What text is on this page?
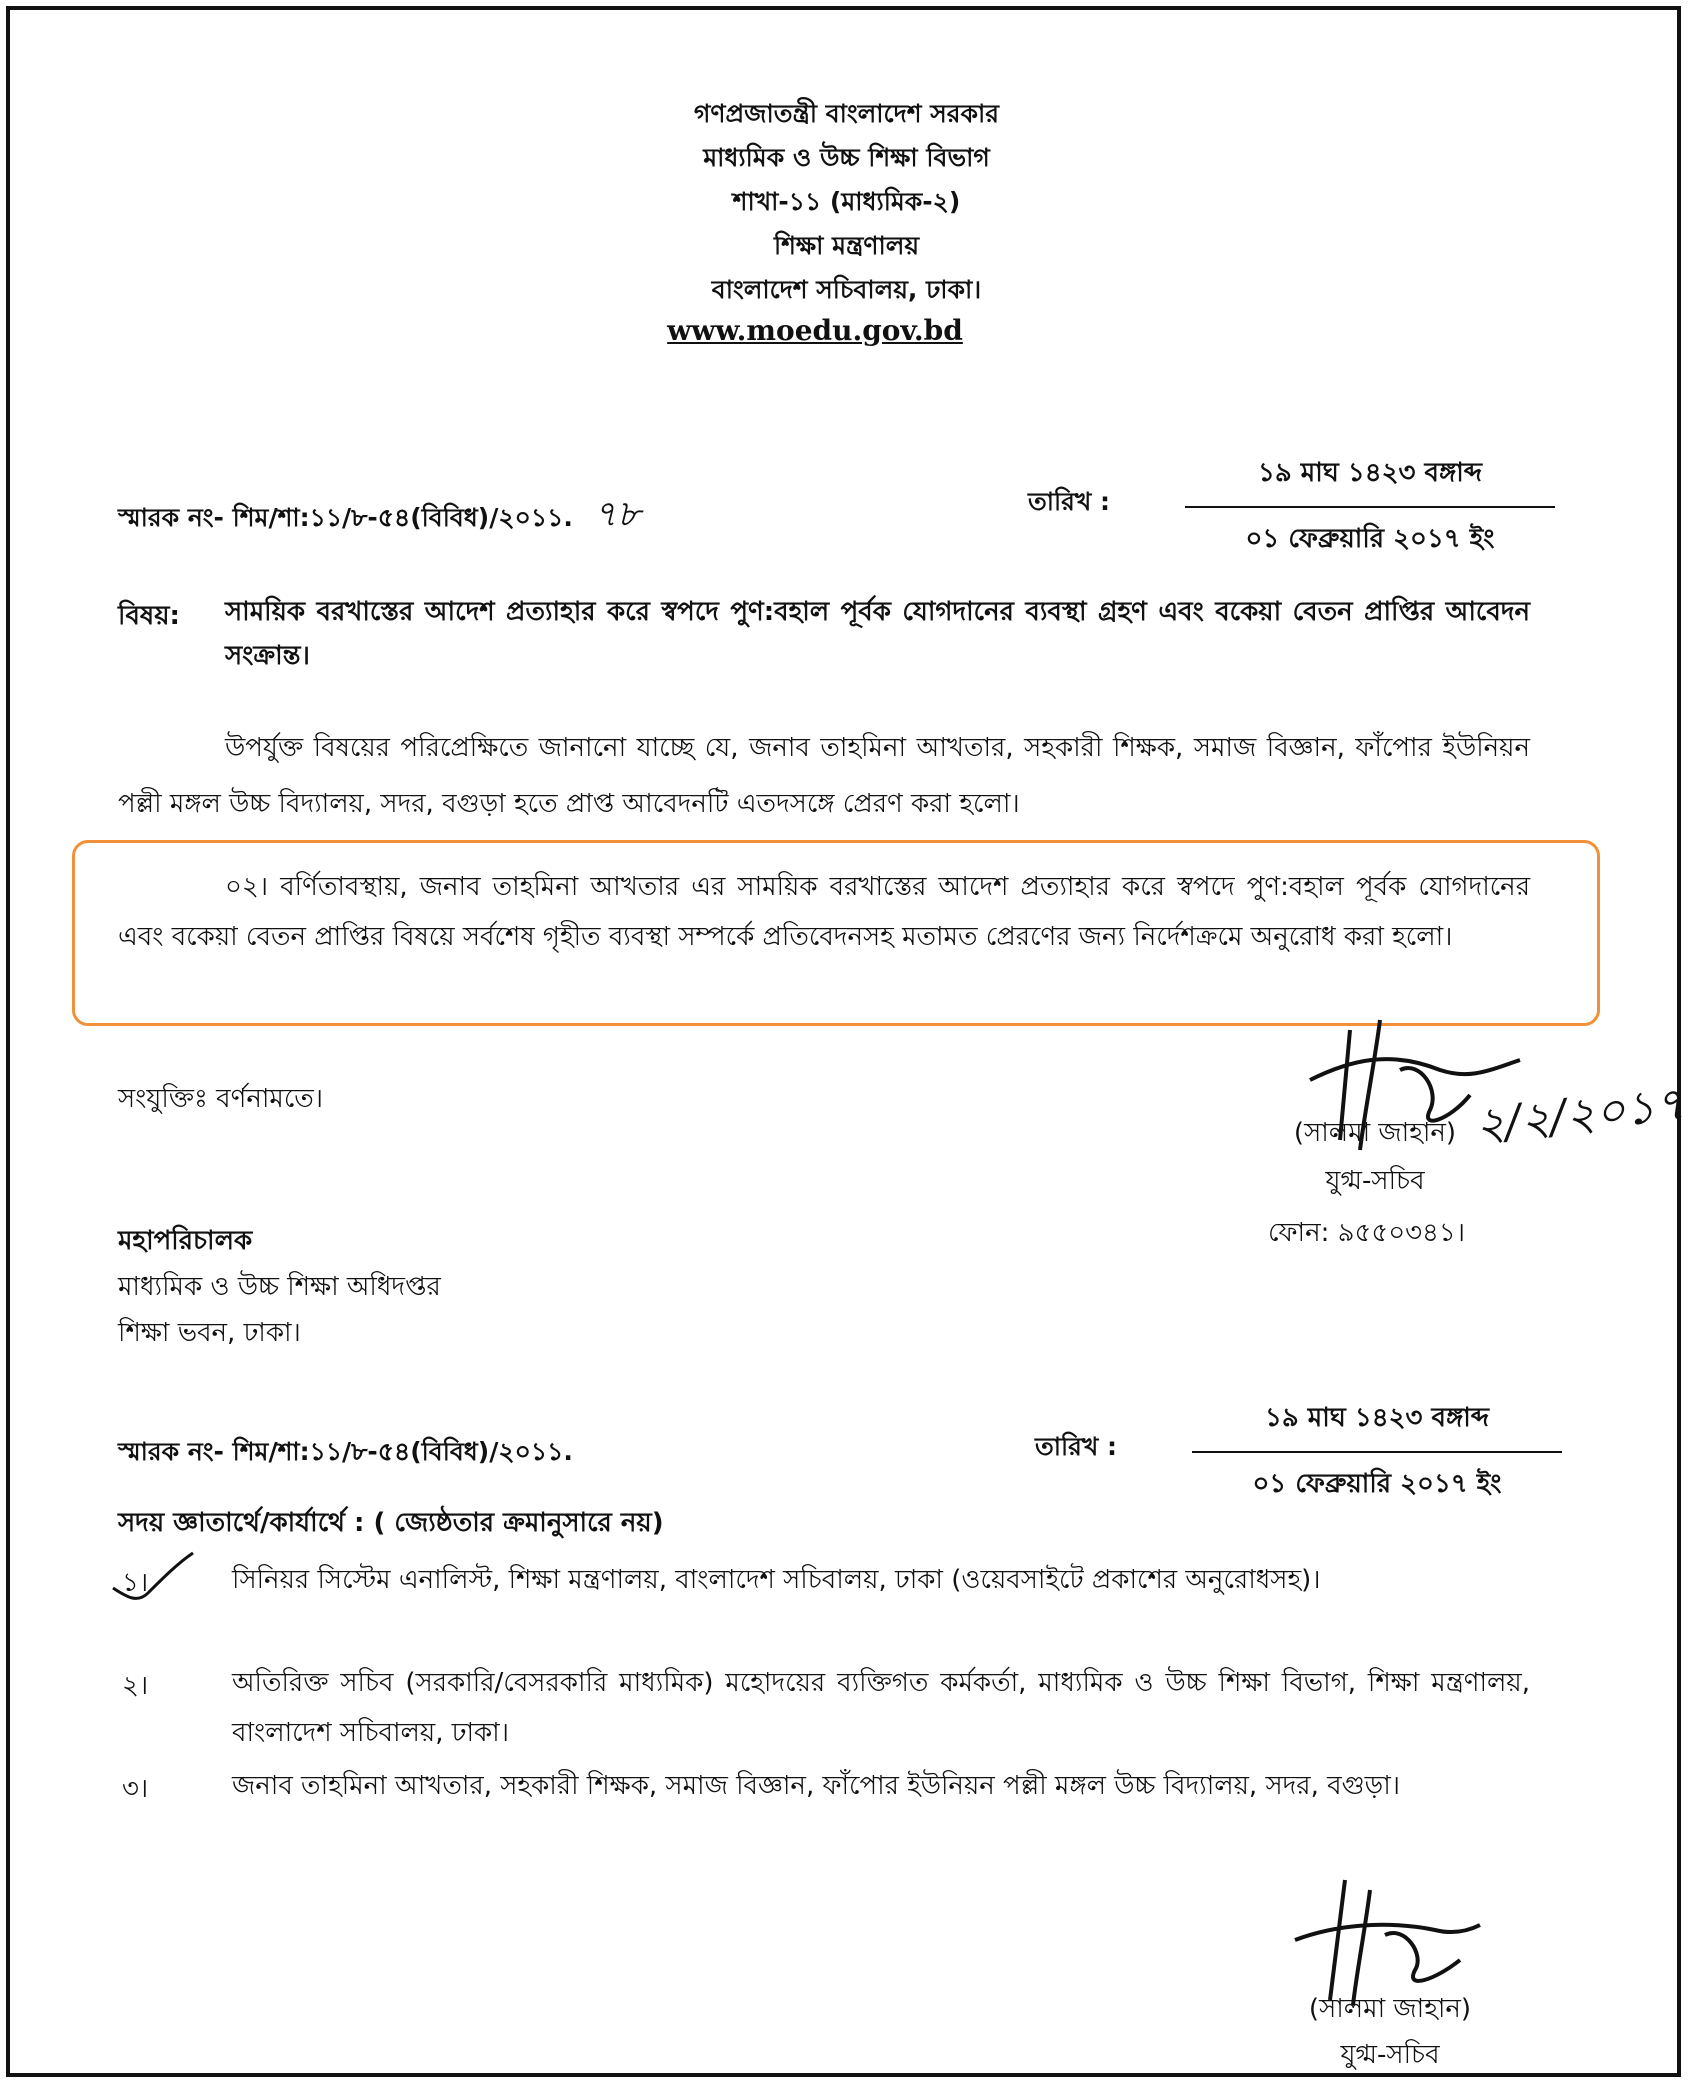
গণপ্রজাতন্ত্রী বাংলাদেশ সরকার
মাধ্যমিক ও উচ্চ শিক্ষা বিভাগ
শাখা-১১ (মাধ্যমিক-২)
শিক্ষা মন্ত্রণালয়
বাংলাদেশ সচিবালয়, ঢাকা।
www.moedu.gov.bd
স্মারক নং- শিম/শা:১১/৮-৫৪(বিবিধ)/২০১১. ৭৮	তারিখ :
১৯ মাঘ ১৪২৩ বঙ্গাব্দ
০১ ফেব্রুয়ারি ২০১৭ ইং
বিষয়: সাময়িক বরখাস্তের আদেশ প্রত্যাহার করে স্বপদে পুণ:বহাল পূর্বক যোগদানের ব্যবস্থা গ্রহণ এবং বকেয়া বেতন প্রাপ্তির আবেদন সংক্রান্ত।
উপর্যুক্ত বিষয়ের পরিপ্রেক্ষিতে জানানো যাচ্ছে যে, জনাব তাহমিনা আখতার, সহকারী শিক্ষক, সমাজ বিজ্ঞান, ফাঁপোর ইউনিয়ন পল্লী মঙ্গল উচ্চ বিদ্যালয়, সদর, বগুড়া হতে প্রাপ্ত আবেদনটি এতদসঙ্গে প্রেরণ করা হলো।
০২। বর্ণিতাবস্থায়, জনাব তাহমিনা আখতার এর সাময়িক বরখাস্তের আদেশ প্রত্যাহার করে স্বপদে পুণ:বহাল পূর্বক যোগদানের এবং বকেয়া বেতন প্রাপ্তির বিষয়ে সর্বশেষ গৃহীত ব্যবস্থা সম্পর্কে প্রতিবেদনসহ মতামত প্রেরণের জন্য নির্দেশক্রমে অনুরোধ করা হলো।
সংযুক্তিঃ বর্ণনামতে।	২/২/২০১৭
(সালমা জাহান)
যুগ্ম-সচিব
ফোন: ৯৫৫০৩৪১।
মহাপরিচালক
মাধ্যমিক ও উচ্চ শিক্ষা অধিদপ্তর
শিক্ষা ভবন, ঢাকা।
স্মারক নং- শিম/শা:১১/৮-৫৪(বিবিধ)/২০১১.	তারিখ :
১৯ মাঘ ১৪২৩ বঙ্গাব্দ
০১ ফেব্রুয়ারি ২০১৭ ইং
সদয় জ্ঞাতার্থে/কার্যার্থে : ( জ্যেষ্ঠতার ক্রমানুসারে নয়)
১।	সিনিয়র সিস্টেম এনালিস্ট, শিক্ষা মন্ত্রণালয়, বাংলাদেশ সচিবালয়, ঢাকা (ওয়েবসাইটে প্রকাশের অনুরোধসহ)।
২।	অতিরিক্ত সচিব (সরকারি/বেসরকারি মাধ্যমিক) মহোদয়ের ব্যক্তিগত কর্মকর্তা, মাধ্যমিক ও উচ্চ শিক্ষা বিভাগ, শিক্ষা মন্ত্রণালয়, বাংলাদেশ সচিবালয়, ঢাকা।
৩।	জনাব তাহমিনা আখতার, সহকারী শিক্ষক, সমাজ বিজ্ঞান, ফাঁপোর ইউনিয়ন পল্লী মঙ্গল উচ্চ বিদ্যালয়, সদর, বগুড়া।
(সালমা জাহান)
যুগ্ম-সচিব
